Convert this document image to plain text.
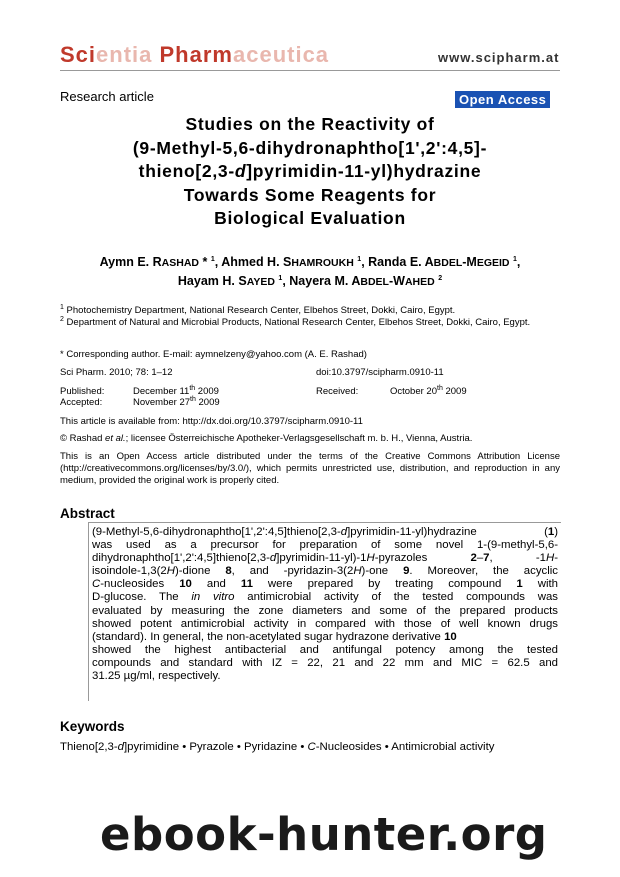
Scientia Pharmaceutica	www.scipharm.at
Research article	Open Access
Studies on the Reactivity of
(9-Methyl-5,6-dihydronaphtho[1',2':4,5]-
thieno[2,3-d]pyrimidin-11-yl)hydrazine
Towards Some Reagents for
Biological Evaluation
Aymn E. RASHAD * $^1$, Ahmed H. SHAMROUKH $^1$, Randa E. ABDEL-MEGEID $^1$,
Hayam H. SAYED $^1$, Nayera M. ABDEL-WAHED $^2$
$^1$ Photochemistry Department, National Research Center, Elbehos Street, Dokki, Cairo, Egypt.
$^2$ Department of Natural and Microbial Products, National Research Center, Elbehos Street, Dokki, Cairo, Egypt.
* Corresponding author. E-mail: aymnelzeny@yahoo.com (A. E. Rashad)
Sci Pharm. 2010; 78: 1–12	doi:10.3797/scipharm.0910-11
Published:	December 11th 2009	Received:	October 20th 2009
Accepted:	November 27th 2009
This article is available from: http://dx.doi.org/10.3797/scipharm.0910-11
© Rashad et al.; licensee Österreichische Apotheker-Verlagsgesellschaft m. b. H., Vienna, Austria.
This is an Open Access article distributed under the terms of the Creative Commons Attribution License (http://creativecommons.org/licenses/by/3.0/), which permits unrestricted use, distribution, and reproduction in any medium, provided the original work is properly cited.
Abstract
(9-Methyl-5,6-dihydronaphtho[1',2':4,5]thieno[2,3-d]pyrimidin-11-yl)hydrazine (1)
was used as a precursor for preparation of some novel 1-(9-methyl-5,6-
dihydronaphtho[1',2':4,5]thieno[2,3-d]pyrimidin-11-yl)-1H-pyrazoles 2–7, -1H-
isoindole-1,3(2H)-dione 8, and -pyridazin-3(2H)-one 9. Moreover, the acyclic
C-nucleosides 10 and 11 were prepared by treating compound 1 with
D-glucose. The in vitro antimicrobial activity of the tested compounds was
evaluated by measuring the zone diameters and some of the prepared products
showed potent antimicrobial activity in compared with those of well known drugs
(standard). In general, the non-acetylated sugar hydrazone derivative 10
showed the highest antibacterial and antifungal potency among the tested
compounds and standard with IZ = 22, 21 and 22 mm and MIC = 62.5 and
31.25 µg/ml, respectively.
Keywords
Thieno[2,3-d]pyrimidine • Pyrazole • Pyridazine • C-Nucleosides • Antimicrobial activity
ebook-hunter.org
